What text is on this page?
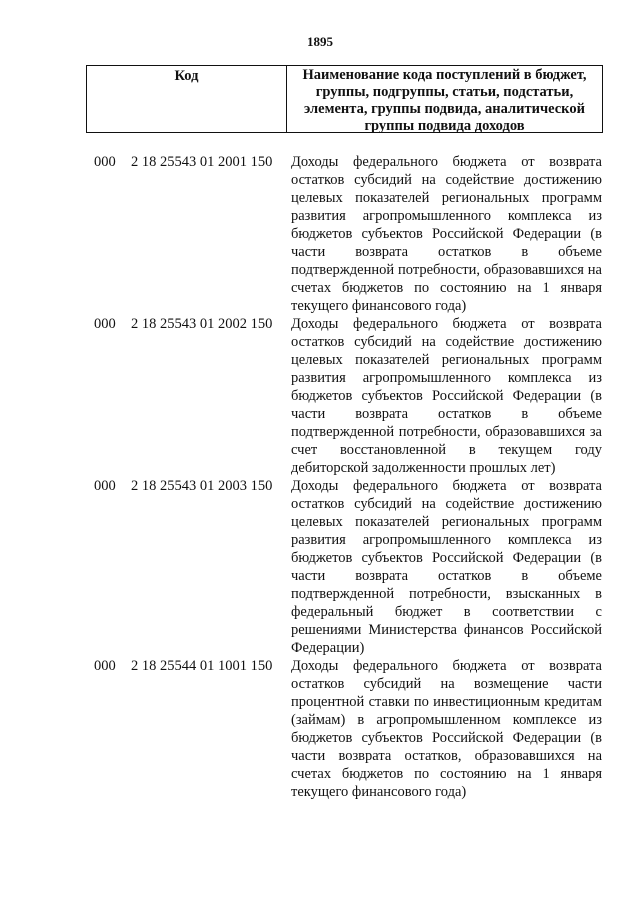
1895
Код	Наименование кода поступлений в бюджет, группы, подгруппы, статьи, подстатьи, элемента, группы подвида, аналитической группы подвида доходов
000 2 18 25543 01 2001 150 Доходы федерального бюджета от возврата остатков субсидий на содействие достижению целевых показателей региональных программ развития агропромышленного комплекса из бюджетов субъектов Российской Федерации (в части возврата остатков в объеме подтвержденной потребности, образовавшихся на счетах бюджетов по состоянию на 1 января текущего финансового года)
000 2 18 25543 01 2002 150 Доходы федерального бюджета от возврата остатков субсидий на содействие достижению целевых показателей региональных программ развития агропромышленного комплекса из бюджетов субъектов Российской Федерации (в части возврата остатков в объеме подтвержденной потребности, образовавшихся за счет восстановленной в текущем году дебиторской задолженности прошлых лет)
000 2 18 25543 01 2003 150 Доходы федерального бюджета от возврата остатков субсидий на содействие достижению целевых показателей региональных программ развития агропромышленного комплекса из бюджетов субъектов Российской Федерации (в части возврата остатков в объеме подтвержденной потребности, взысканных в федеральный бюджет в соответствии с решениями Министерства финансов Российской Федерации)
000 2 18 25544 01 1001 150 Доходы федерального бюджета от возврата остатков субсидий на возмещение части процентной ставки по инвестиционным кредитам (займам) в агропромышленном комплексе из бюджетов субъектов Российской Федерации (в части возврата остатков, образовавшихся на счетах бюджетов по состоянию на 1 января текущего финансового года)
